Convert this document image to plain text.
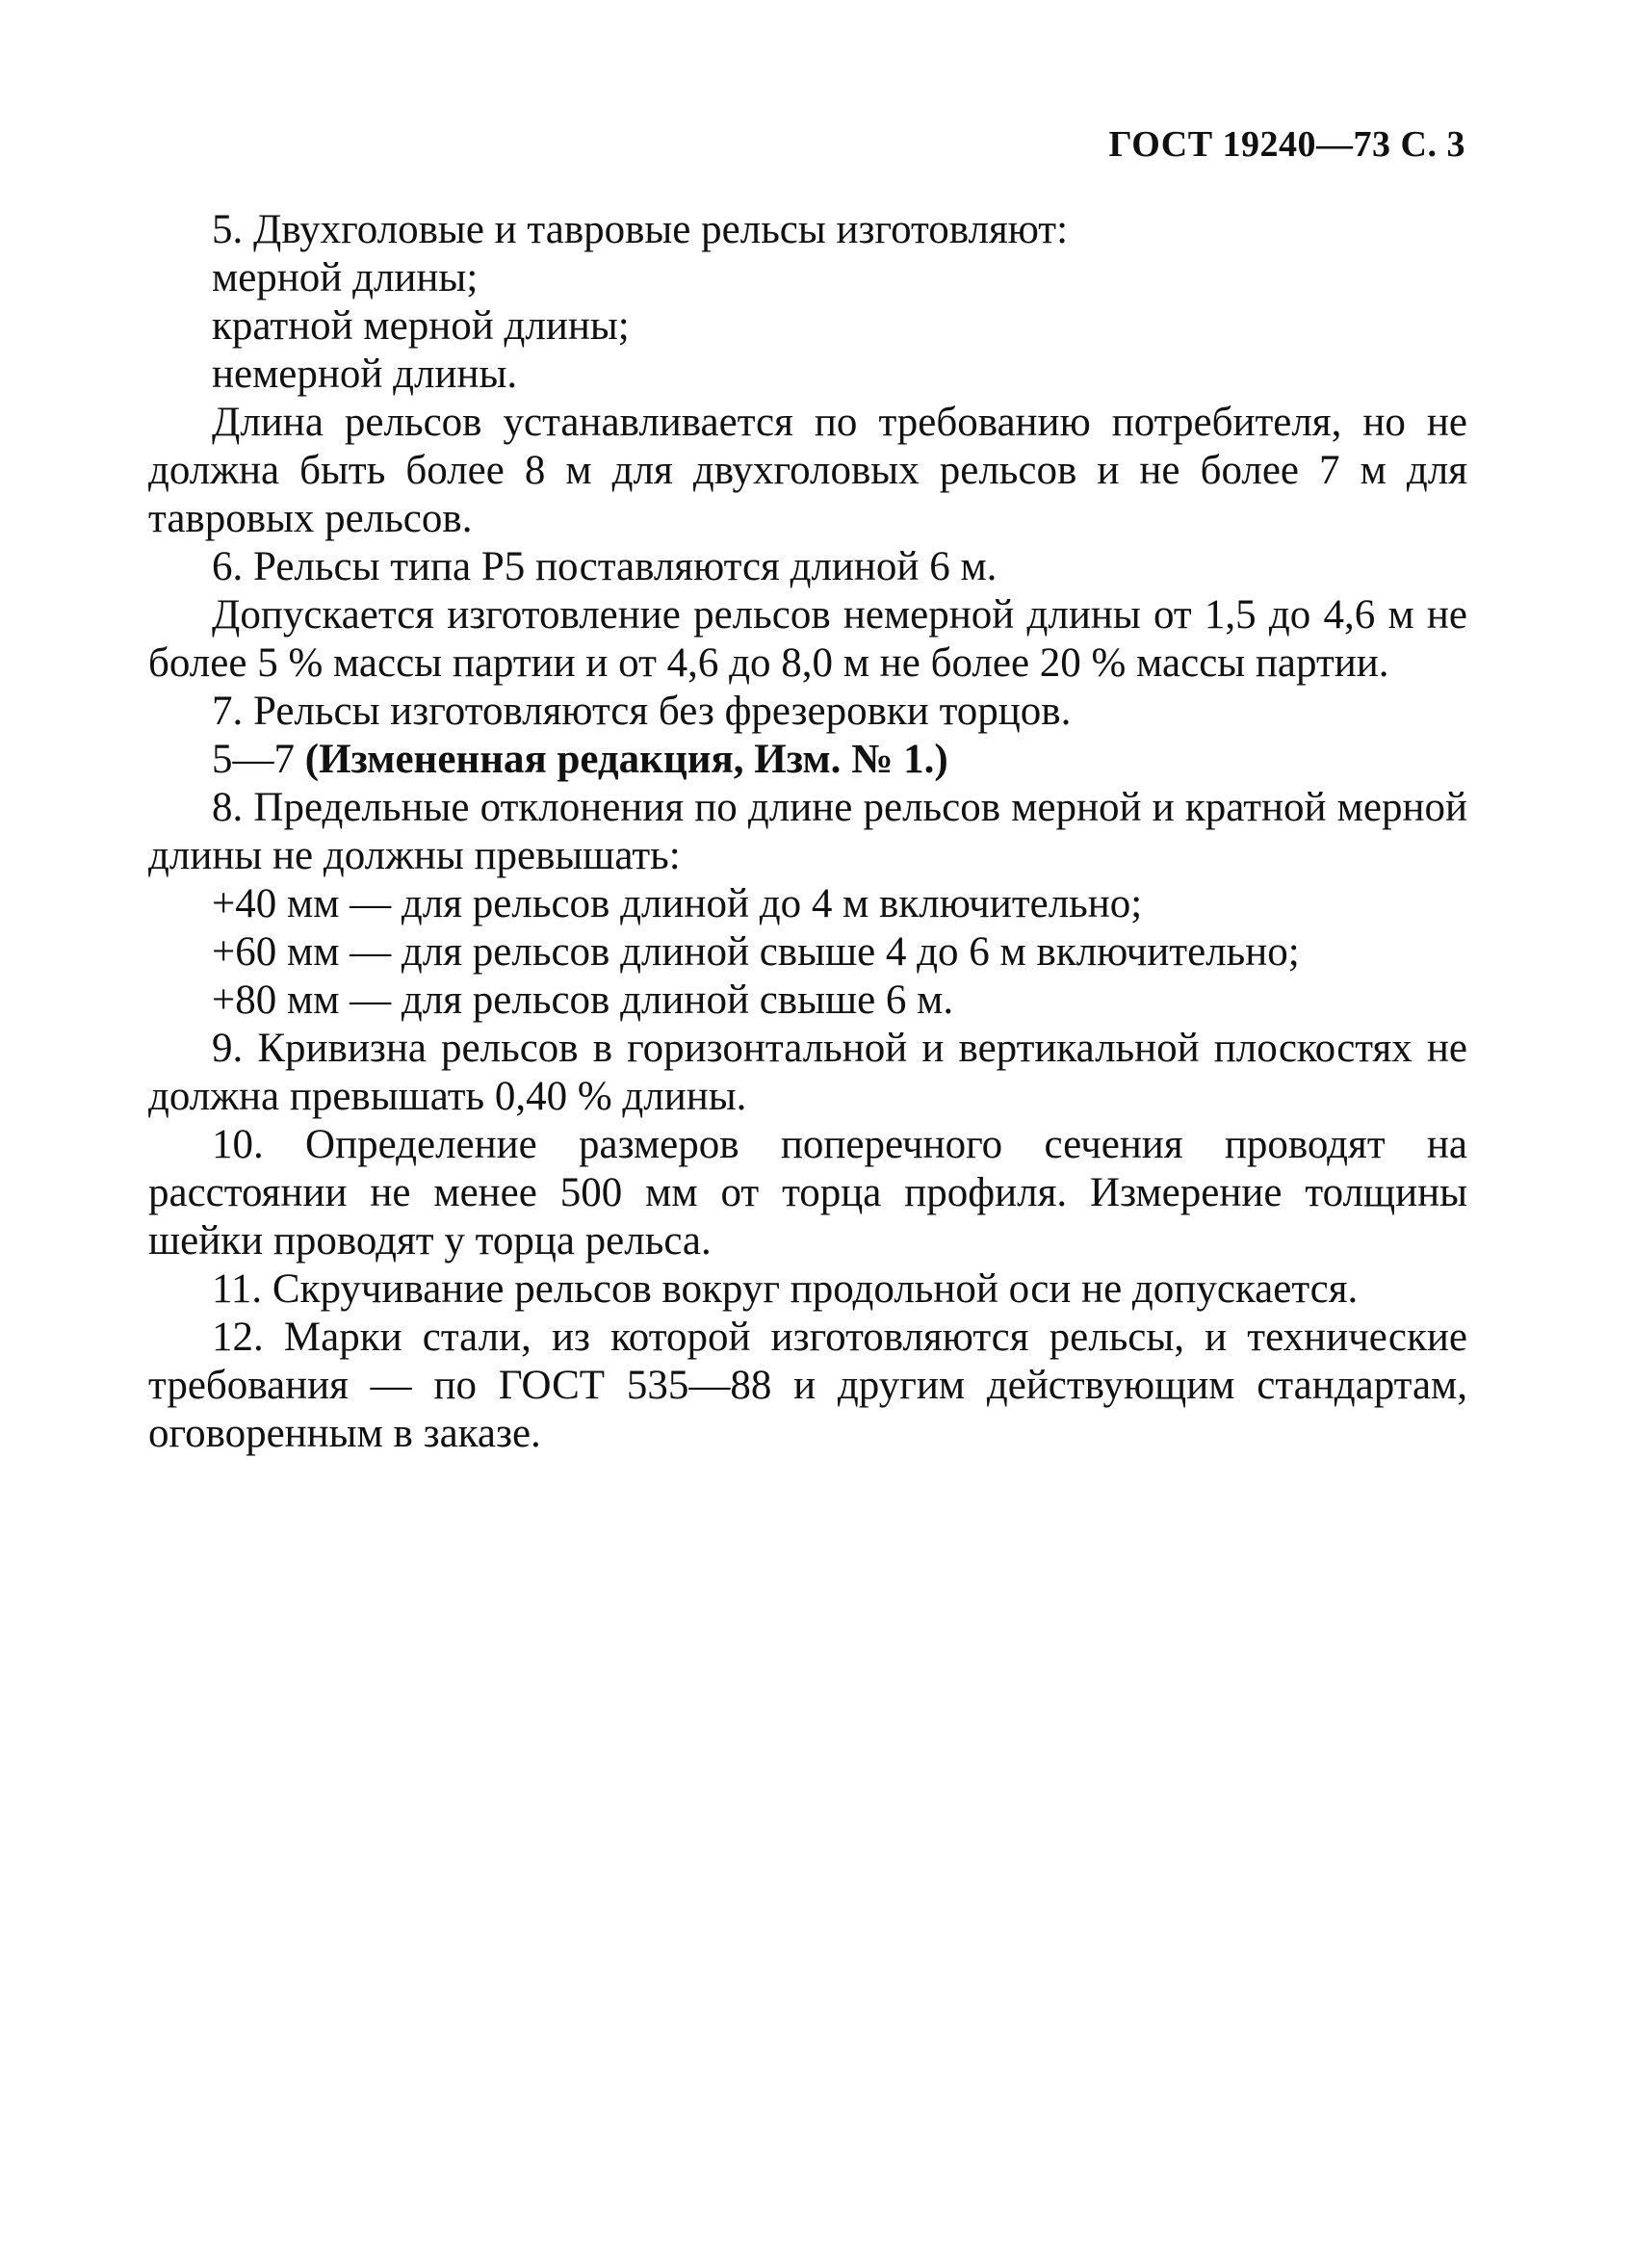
ГОСТ 19240—73 С. 3

5. Двухголовые и тавровые рельсы изготовляют:

мерной длины;

кратной мерной длины;

немерной длины.

Длина рельсов устанавливается по требованию потребителя, но не должна быть более 8 м для двухголовых рельсов и не более 7 м для тавровых рельсов.

6. Рельсы типа Р5 поставляются длиной 6 м.

Допускается изготовление рельсов немерной длины от 1,5 до 4,6 м не более 5 % массы партии и от 4,6 до 8,0 м не более 20 % массы партии.

7. Рельсы изготовляются без фрезеровки торцов.

5—7 (Измененная редакция, Изм. № 1.)

8. Предельные отклонения по длине рельсов мерной и кратной мерной длины не должны превышать:

+40 мм — для рельсов длиной до 4 м включительно;

+60 мм — для рельсов длиной свыше 4 до 6 м включительно;

+80 мм — для рельсов длиной свыше 6 м.

9. Кривизна рельсов в горизонтальной и вертикальной плоскостях не должна превышать 0,40 % длины.

10. Определение размеров поперечного сечения проводят на расстоянии не менее 500 мм от торца профиля. Измерение толщины шейки проводят у торца рельса.

11. Скручивание рельсов вокруг продольной оси не допускается.

12. Марки стали, из которой изготовляются рельсы, и технические требования — по ГОСТ 535—88 и другим действующим стандартам, оговоренным в заказе.
